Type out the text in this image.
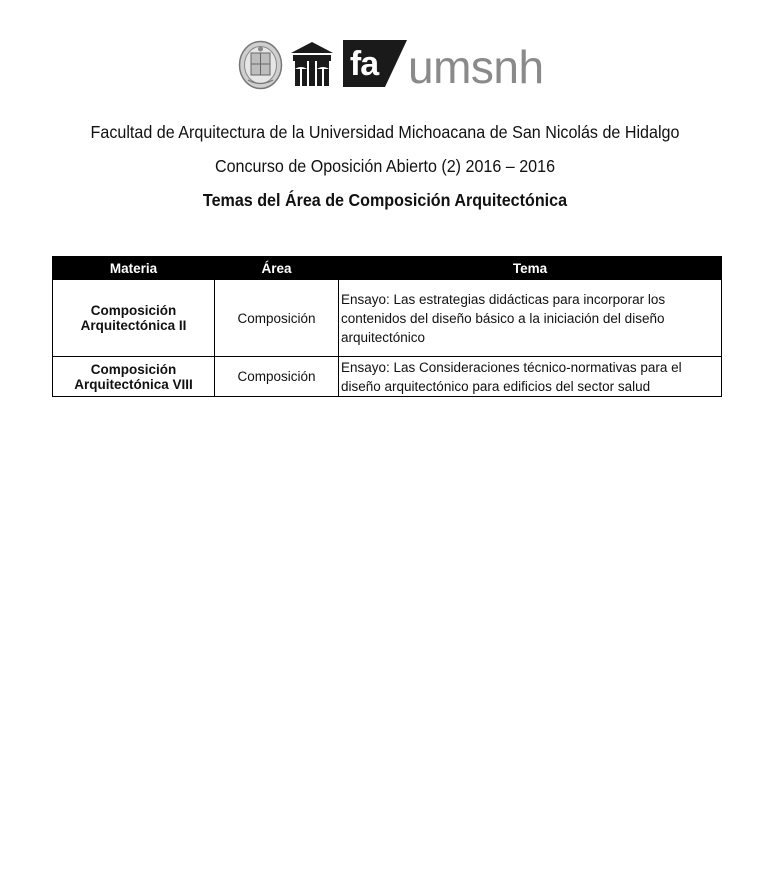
fa umsnh
Facultad de Arquitectura de la Universidad Michoacana de San Nicolás de Hidalgo
Concurso de Oposición Abierto (2) 2016 – 2016
Temas del Área de Composición Arquitectónica
Materia	Área	Tema
Composición Arquitectónica II	Composición	Ensayo: Las estrategias didácticas para incorporar los contenidos del diseño básico a la iniciación del diseño arquitectónico
Composición Arquitectónica VIII	Composición	Ensayo: Las Consideraciones técnico-normativas para el diseño arquitectónico para edificios del sector salud
